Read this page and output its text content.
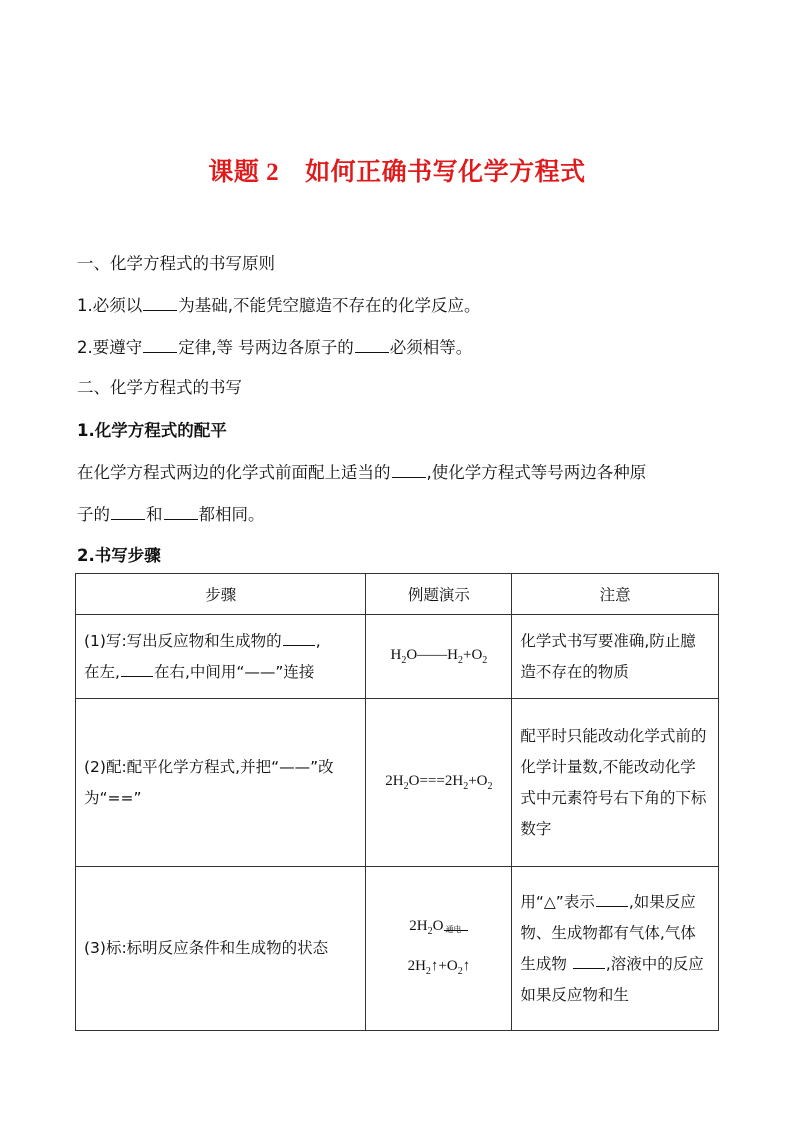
课题 2 如何正确书写化学方程式
一、化学方程式的书写原则
1.必须以 为基础,不能凭空臆造不存在的化学反应。
2.要遵守 定律,等 号两边各原子的 必须相等。
二、化学方程式的书写
1.化学方程式的配平
在化学方程式两边的化学式前面配上适当的 ,使化学方程式等号两边各种原
子的 和 都相同。
2.书写步骤
步骤	例题演示	注意
(1)写:写出反应物和生成物的 ,
在左, 在右,中间用“——”连接	$H_2O——H_2+O_2$	化学式书写要准确,防止臆造不存在的物质
(2)配:配平化学方程式,并把“——”改为“==”	$2H_2O===2H_2+O_2$	配平时只能改动化学式前的化学计量数,不能改动化学式中元素符号右下角的下标数字
(3)标:标明反应条件和生成物的状态	$2H_2O$ 通电

$2H_2↑+O_2↑$	用“△”表示 ,如果反应物、生成物都有气体,气体生成物 ,溶液中的反应如果反应物和生
